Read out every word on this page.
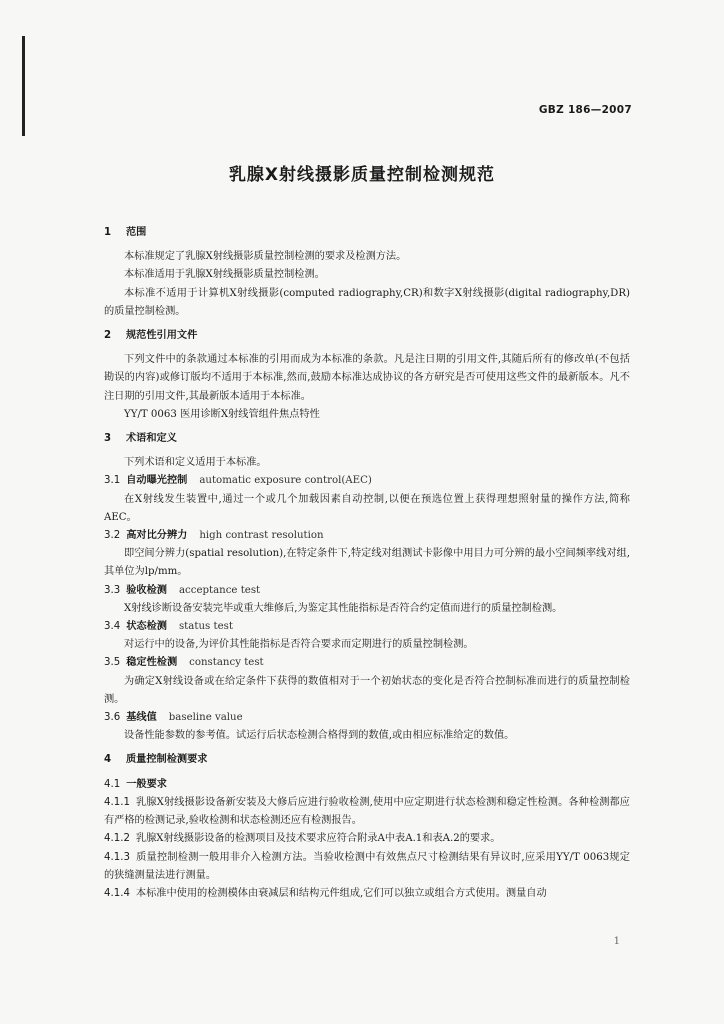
GBZ 186—2007
乳腺X射线摄影质量控制检测规范
1 范围
本标准规定了乳腺X射线摄影质量控制检测的要求及检测方法。
本标准适用于乳腺X射线摄影质量控制检测。
本标准不适用于计算机X射线摄影(computed radiography,CR)和数字X射线摄影(digital radiography,DR)的质量控制检测。
2 规范性引用文件
下列文件中的条款通过本标准的引用而成为本标准的条款。凡是注日期的引用文件,其随后所有的修改单(不包括勘误的内容)或修订版均不适用于本标准,然而,鼓励本标准达成协议的各方研究是否可使用这些文件的最新版本。凡不注日期的引用文件,其最新版本适用于本标准。
YY/T 0063 医用诊断X射线管组件焦点特性
3 术语和定义
下列术语和定义适用于本标准。
3.1 自动曝光控制 automatic exposure control(AEC)
在X射线发生装置中,通过一个或几个加载因素自动控制,以便在预选位置上获得理想照射量的操作方法,简称AEC。
3.2 高对比分辨力 high contrast resolution
即空间分辨力(spatial resolution),在特定条件下,特定线对组测试卡影像中用目力可分辨的最小空间频率线对组,其单位为lp/mm。
3.3 验收检测 acceptance test
X射线诊断设备安装完毕或重大维修后,为鉴定其性能指标是否符合约定值而进行的质量控制检测。
3.4 状态检测 status test
对运行中的设备,为评价其性能指标是否符合要求而定期进行的质量控制检测。
3.5 稳定性检测 constancy test
为确定X射线设备或在给定条件下获得的数值相对于一个初始状态的变化是否符合控制标准而进行的质量控制检测。
3.6 基线值 baseline value
设备性能参数的参考值。试运行后状态检测合格得到的数值,或由相应标准给定的数值。
4 质量控制检测要求
4.1 一般要求
4.1.1 乳腺X射线摄影设备新安装及大修后应进行验收检测,使用中应定期进行状态检测和稳定性检测。各种检测都应有严格的检测记录,验收检测和状态检测还应有检测报告。
4.1.2 乳腺X射线摄影设备的检测项目及技术要求应符合附录A中表A.1和表A.2的要求。
4.1.3 质量控制检测一般用非介入检测方法。当验收检测中有效焦点尺寸检测结果有异议时,应采用YY/T 0063规定的狭缝测量法进行测量。
4.1.4 本标准中使用的检测模体由衰减层和结构元件组成,它们可以独立或组合方式使用。测量自动
1
